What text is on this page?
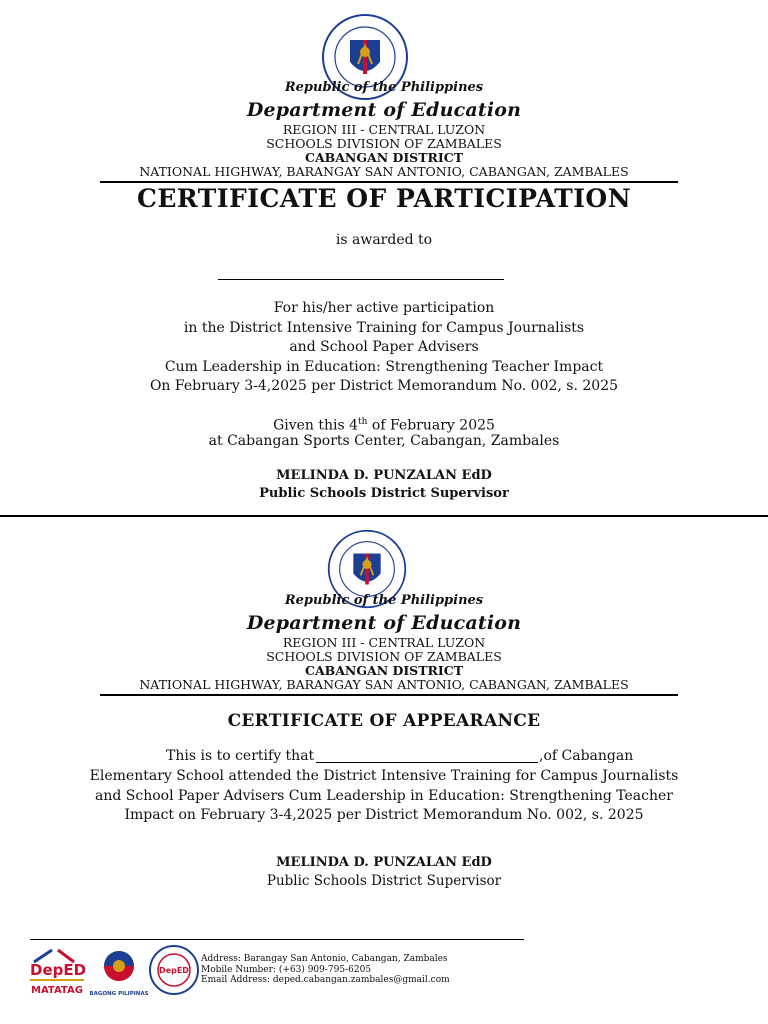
Republic of the Philippines
Department of Education
REGION III - CENTRAL LUZON
SCHOOLS DIVISION OF ZAMBALES
CABANGAN DISTRICT
NATIONAL HIGHWAY, BARANGAY SAN ANTONIO, CABANGAN, ZAMBALES
CERTIFICATE OF PARTICIPATION
is awarded to
For his/her active participation
in the District Intensive Training for Campus Journalists
and School Paper Advisers
Cum Leadership in Education: Strengthening Teacher Impact
On February 3-4,2025 per District Memorandum No. 002, s. 2025
Given this 4th of February 2025
at Cabangan Sports Center, Cabangan, Zambales
MELINDA D. PUNZALAN EdD
Public Schools District Supervisor
Republic of the Philippines
Department of Education
REGION III - CENTRAL LUZON
SCHOOLS DIVISION OF ZAMBALES
CABANGAN DISTRICT
NATIONAL HIGHWAY, BARANGAY SAN ANTONIO, CABANGAN, ZAMBALES
CERTIFICATE OF APPEARANCE
This is to certify that	,of Cabangan
Elementary School attended the District Intensive Training for Campus Journalists
and School Paper Advisers Cum Leadership in Education: Strengthening Teacher
Impact on February 3-4,2025 per District Memorandum No. 002, s. 2025
MELINDA D. PUNZALAN EdD
Public Schools District Supervisor
DepED
MATATAG BAGONG PILIPINAS
DepED
Address: Barangay San Antonio, Cabangan, Zambales
Mobile Number: (+63) 909-795-6205
Email Address: deped.cabangan.zambales@gmail.com
